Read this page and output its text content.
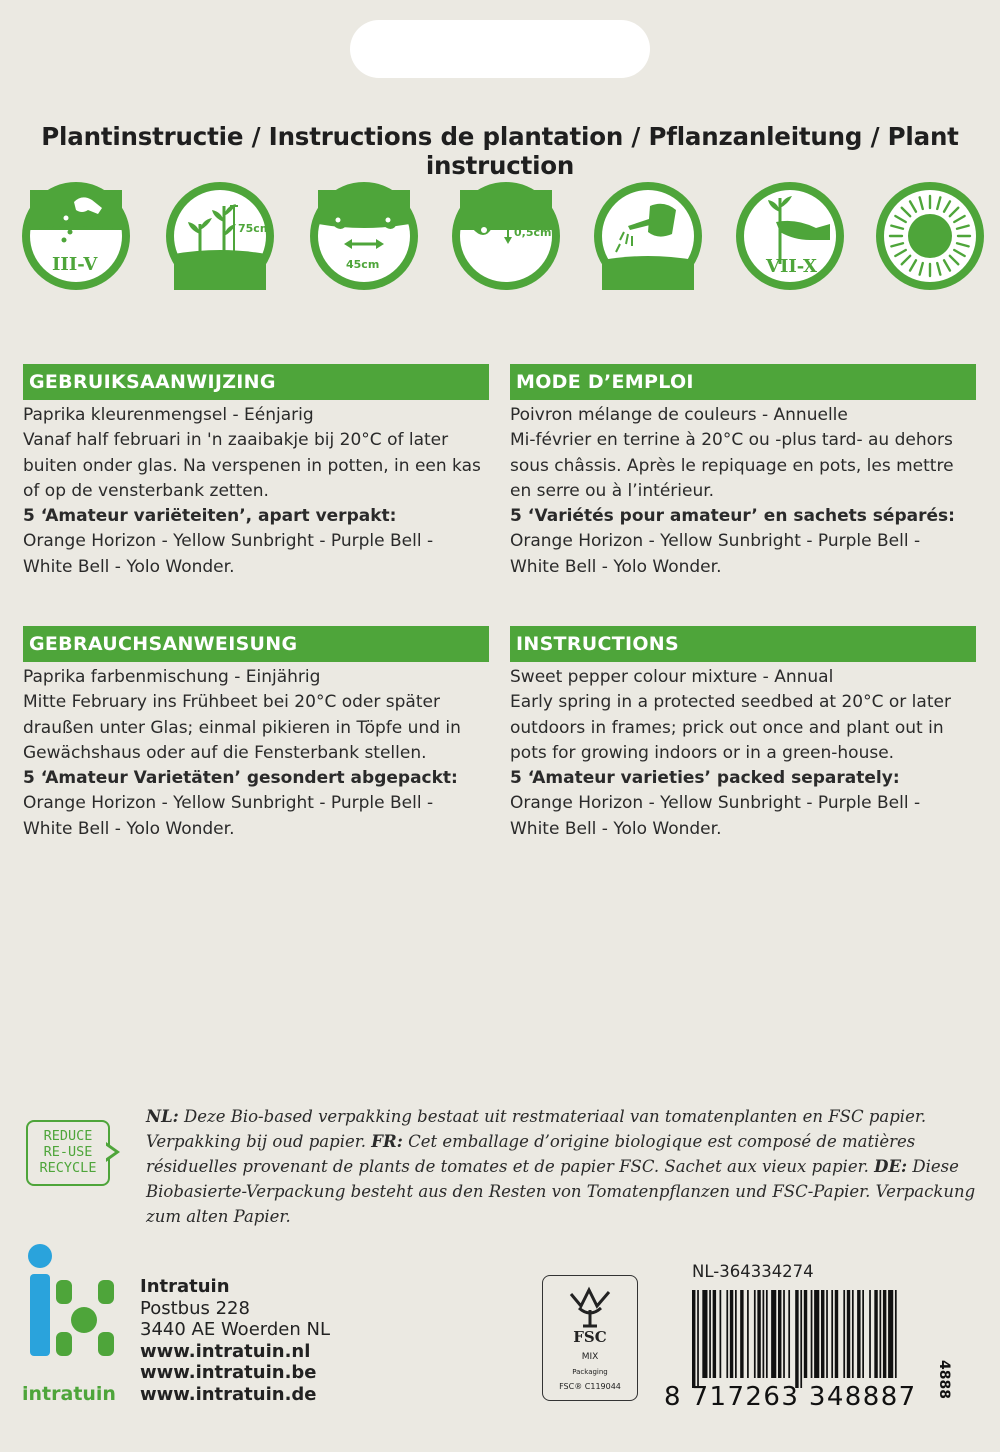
Plantinstructie / Instructions de plantation / Pflanzanleitung / Plant instruction
III-V
75cm
45cm
0,5cm
VII-X
GEBRUIKSAANWIJZING
Paprika kleurenmengsel - Eénjarig
Vanaf half februari in 'n zaaibakje bij 20°C of later
buiten onder glas. Na verspenen in potten, in een kas
of op de vensterbank zetten.
5 ‘Amateur variëteiten’, apart verpakt:
Orange Horizon - Yellow Sunbright - Purple Bell -
White Bell - Yolo Wonder.
MODE D’EMPLOI
Poivron mélange de couleurs - Annuelle
Mi-février en terrine à 20°C ou -plus tard- au dehors
sous châssis. Après le repiquage en pots, les mettre
en serre ou à l’intérieur.
5 ‘Variétés pour amateur’ en sachets séparés:
Orange Horizon - Yellow Sunbright - Purple Bell -
White Bell - Yolo Wonder.
GEBRAUCHSANWEISUNG
Paprika farbenmischung - Einjährig
Mitte February ins Frühbeet bei 20°C oder später
draußen unter Glas; einmal pikieren in Töpfe und in
Gewächshaus oder auf die Fensterbank stellen.
5 ‘Amateur Varietäten’ gesondert abgepackt:
Orange Horizon - Yellow Sunbright - Purple Bell -
White Bell - Yolo Wonder.
INSTRUCTIONS
Sweet pepper colour mixture - Annual
Early spring in a protected seedbed at 20°C or later
outdoors in frames; prick out once and plant out in
pots for growing indoors or in a green-house.
5 ‘Amateur varieties’ packed separately:
Orange Horizon - Yellow Sunbright - Purple Bell -
White Bell - Yolo Wonder.
REDUCE
RE-USE
RECYCLE
NL: Deze Bio-based verpakking bestaat uit restmateriaal van tomatenplanten en FSC papier. Verpakking bij oud papier. FR: Cet emballage d’origine biologique est composé de matières résiduelles provenant de plants de tomates et de papier FSC. Sachet aux vieux papier. DE: Diese Biobasierte-Verpackung besteht aus den Resten von Tomatenpflanzen und FSC-Papier. Verpackung zum alten Papier.
intratuin
Intratuin
Postbus 228
3440 AE Woerden NL
www.intratuin.nl
www.intratuin.be
www.intratuin.de
FSC
MIX
Packaging
FSC® C119044
NL-364334274
8 717263 348887 4888
